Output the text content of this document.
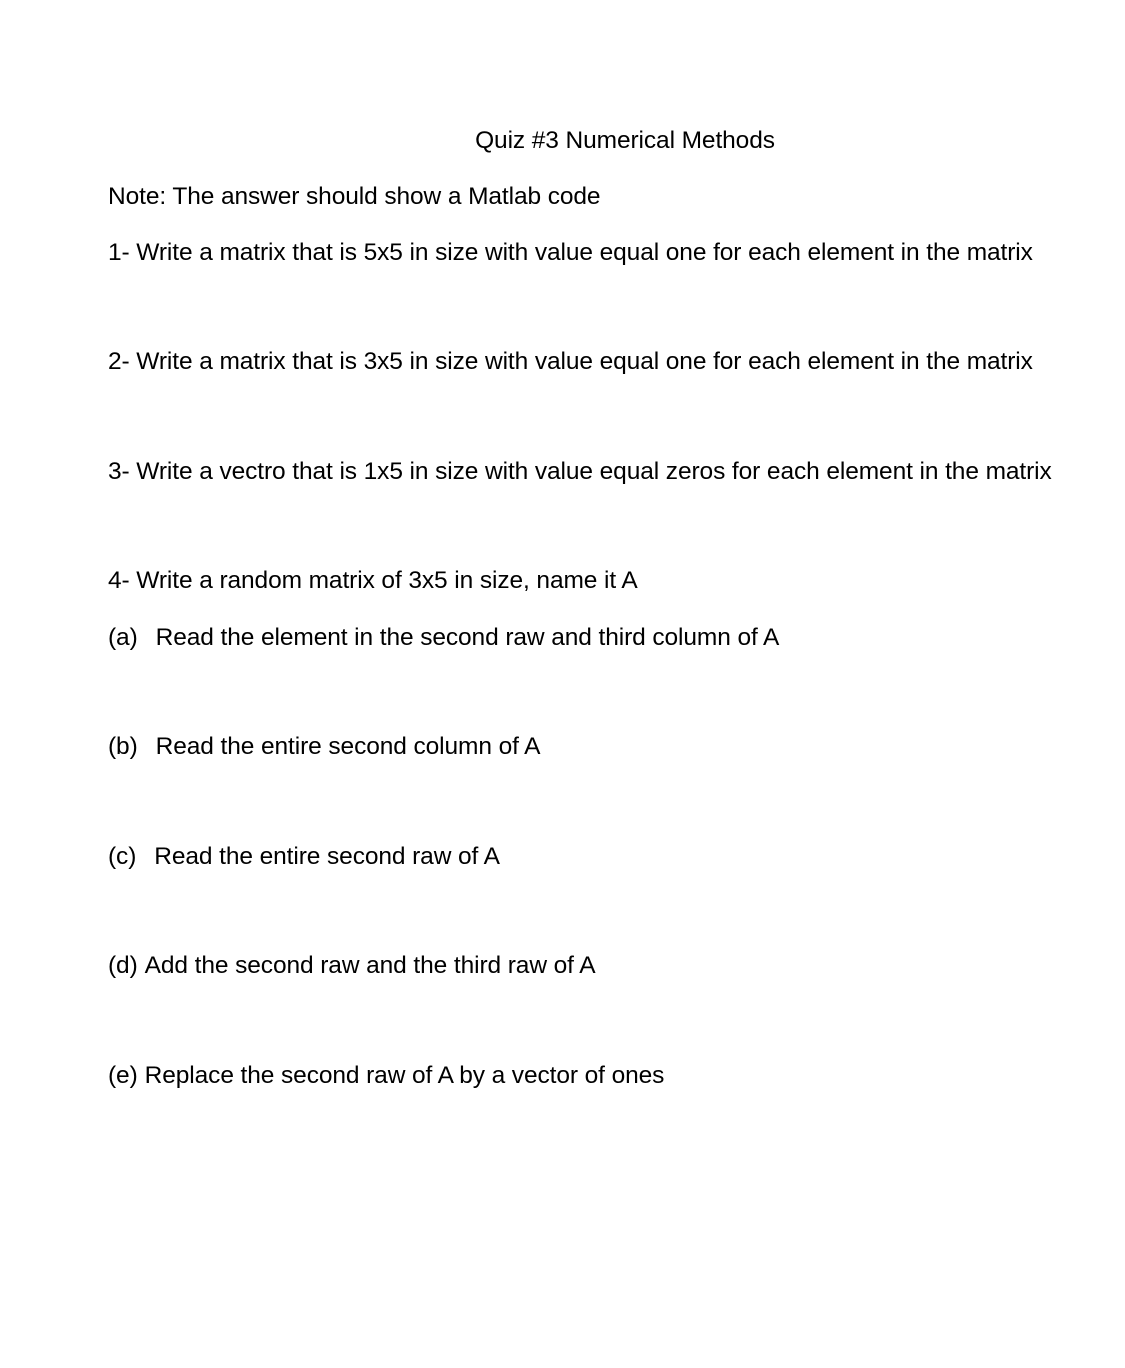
Quiz #3 Numerical Methods
Note: The answer should show a Matlab code
1- Write a matrix that is 5x5 in size with value equal one for each element in the matrix
2- Write a matrix that is 3x5 in size with value equal one for each element in the matrix
3- Write a vectro that is 1x5 in size with value equal zeros for each element in the matrix
4- Write a random matrix of 3x5 in size, name it A
(a) Read the element in the second raw and third column of A
(b) Read the entire second column of A
(c) Read the entire second raw of A
(d) Add the second raw and the third raw of A
(e) Replace the second raw of A by a vector of ones
